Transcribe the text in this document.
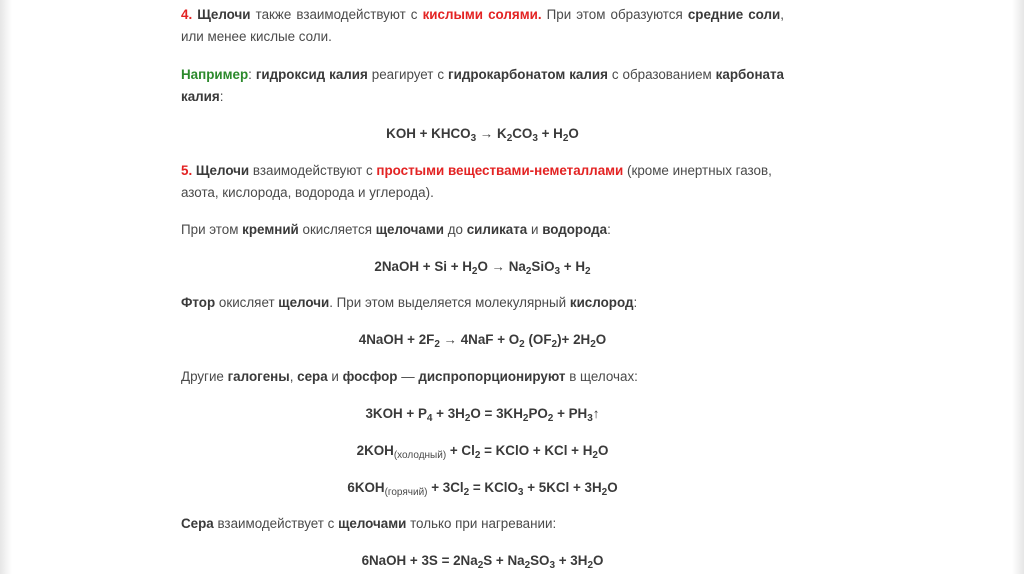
4. Щелочи также взаимодействуют с кислыми солями. При этом образуются средние соли, или менее кислые соли.
Например: гидроксид калия реагирует с гидрокарбонатом калия с образованием карбоната калия:
KOH + $KHCO_3 \to K_2CO_3 + H_2O$
5. Щелочи взаимодействуют с простыми веществами-неметаллами (кроме инертных газов, азота, кислорода, водорода и углерода).
При этом кремний окисляется щелочами до силиката и водорода:
2NaOH + $Si + H_2O \to Na_2SiO_3 + H_2$
Фтор окисляет щелочи. При этом выделяется молекулярный кислород:
4NaOH + $2F_2 \to 4NaF + O_2$ $(OF_2)+ 2H_2O$
Другие галогены, сера и фосфор — диспропорционируют в щелочах:
$3KOH + P_4 + 3H_2O = 3KH_2PO_2$ + $PH_3↑$
$2KOH_{(холодный)} + Cl_2$ = KClO + KCl + $H_2O$
$6KOH_{(горячий)} + 3Cl_2$ = KClO$_3$ + $5KCl + 3H_2O$
Сера взаимодействует с щелочами только при нагревании:
6NaOH + $3S = 2Na_2S + Na_2SO_3 + 3H_2O$
